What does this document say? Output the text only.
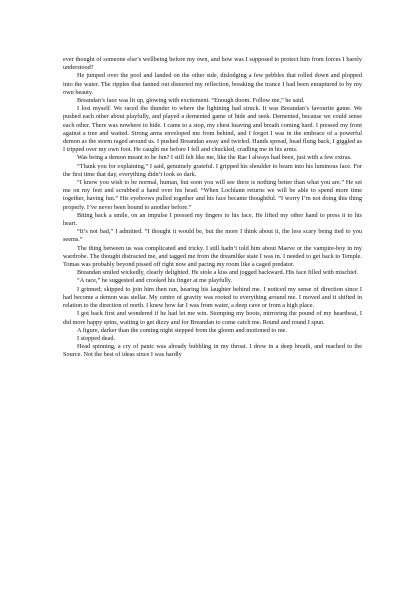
ever thought of someone else’s wellbeing before my own, and how was I supposed to protect him from forces I barely understood?

He jumped over the pool and landed on the other side, dislodging a few pebbles that rolled down and plopped into the water. The ripples that fanned out distorted my reflection, breaking the trance I had been enraptured to by my own beauty.

Breandan’s face was lit up, glowing with excitement. “Enough doom. Follow me,” he said.

I lost myself. We raced the thunder to where the lightning had struck. It was Breandan’s favourite game. We pushed each other about playfully, and played a demented game of hide and seek. Demented, because we could sense each other. There was nowhere to hide. I came to a stop, my chest heaving and breath coming hard. I pressed my front against a tree and waited. Strong arms enveloped me from behind, and I forgot I was in the embrace of a powerful demon as the storm raged around us. I pushed Breandan away and twirled. Hands spread, head flung back, I giggled as I tripped over my own foot. He caught me before I fell and chuckled, cradling me in his arms.

Was being a demon meant to be fun? I still felt like me, like the Rae I always had been, just with a few extras.

“Thank you for explaining,” I said, genuinely grateful. I gripped his shoulder to beam into his luminous face. For the first time that day, everything didn’t look so dark.

“I know you wish to be normal, human, but soon you will see there is nothing better than what you are.” He set me on my feet and scrubbed a hand over his head. “When Lochlann returns we will be able to spend more time together, having fun.” His eyebrows pulled together and his face became thoughtful. “I worry I’m not doing this thing properly. I’ve never been bound to another before.”

Biting back a smile, on an impulse I pressed my fingers to his face. He lifted my other hand to press it to his heart.

“It’s not bad,” I admitted. “I thought it would be, but the more I think about it, the less scary being tied to you seems.”

The thing between us was complicated and tricky. I still hadn’t told him about Maeve or the vampire-boy in my wardrobe. The thought distracted me, and tagged me from the dreamlike state I was in. I needed to get back to Temple. Tomas was probably beyond pissed off right now and pacing my room like a caged predator.

Breandan smiled wickedly, clearly delighted. He stole a kiss and jogged backward. His face filled with mischief.

“A race,” he suggested and crooked his finger at me playfully.

I grinned; skipped to join him then ran, hearing his laughter behind me. I noticed my sense of direction since I had become a demon was stellar. My centre of gravity was rooted to everything around me. I moved and it shifted in relation to the direction of north. I knew how far I was from water, a deep cave or from a high place.

I got back first and wondered if he had let me win. Stomping my boots, mirroring the pound of my heartbeat, I did more happy spins, waiting to get dizzy and for Breandan to come catch me. Round and round I spun.

A figure, darker than the coming night stepped from the gloom and motioned to me.

I stopped dead.

Head spinning, a cry of panic was already bubbling in my throat. I drew in a deep breath, and reached to the Source. Not the best of ideas since I was hardly
